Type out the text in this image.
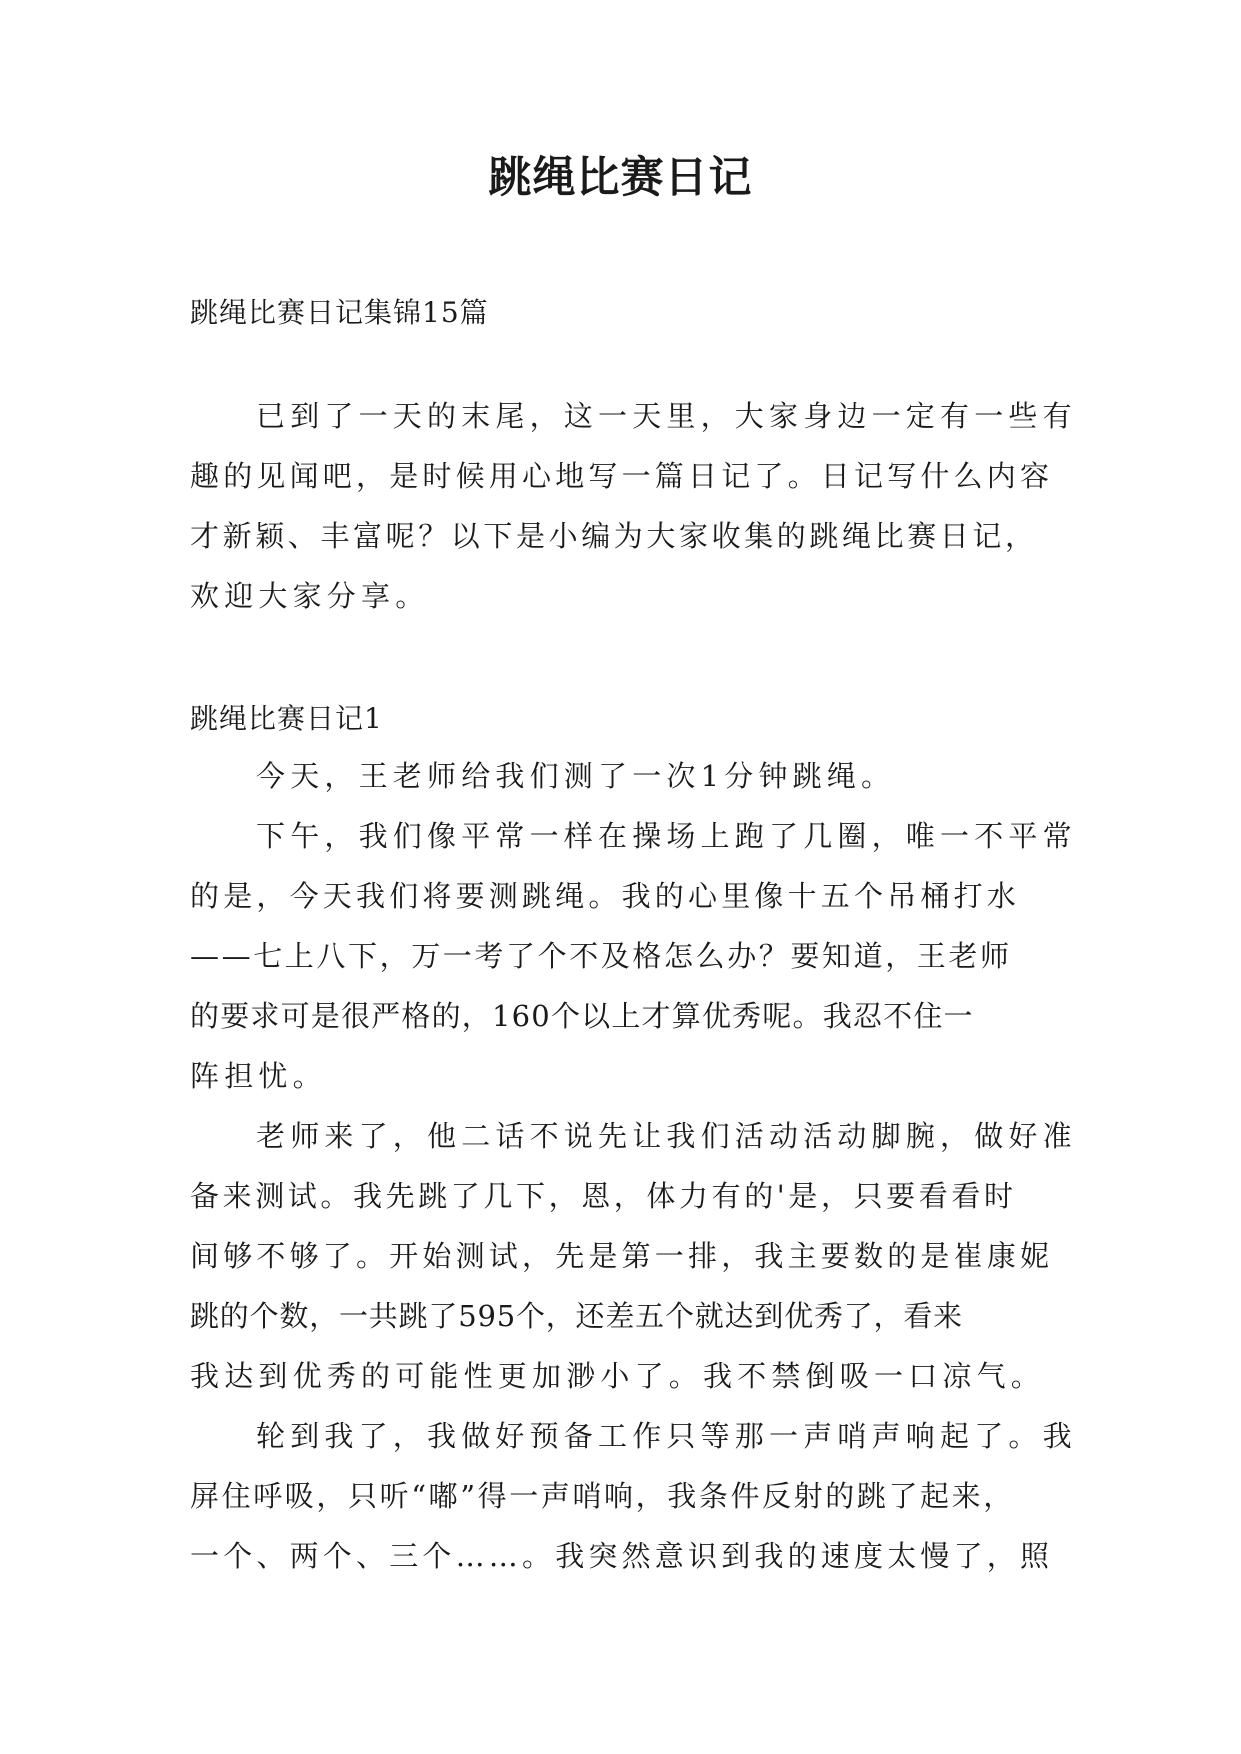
跳绳比赛日记
跳绳比赛日记集锦15篇
已到了一天的末尾，这一天里，大家身边一定有一些有
趣的见闻吧，是时候用心地写一篇日记了。日记写什么内容
才新颖、丰富呢？以下是小编为大家收集的跳绳比赛日记，
欢迎大家分享。
跳绳比赛日记1
今天，王老师给我们测了一次1分钟跳绳。
下午，我们像平常一样在操场上跑了几圈，唯一不平常
的是，今天我们将要测跳绳。我的心里像十五个吊桶打水
——七上八下，万一考了个不及格怎么办？要知道，王老师
的要求可是很严格的，160个以上才算优秀呢。我忍不住一
阵担忧。
老师来了，他二话不说先让我们活动活动脚腕，做好准
备来测试。我先跳了几下，恩，体力有的'是，只要看看时
间够不够了。开始测试，先是第一排，我主要数的是崔康妮
跳的个数，一共跳了595个，还差五个就达到优秀了，看来
我达到优秀的可能性更加渺小了。我不禁倒吸一口凉气。
轮到我了，我做好预备工作只等那一声哨声响起了。我
屏住呼吸，只听“嘟”得一声哨响，我条件反射的跳了起来，
一个、两个、三个……。我突然意识到我的速度太慢了，照
